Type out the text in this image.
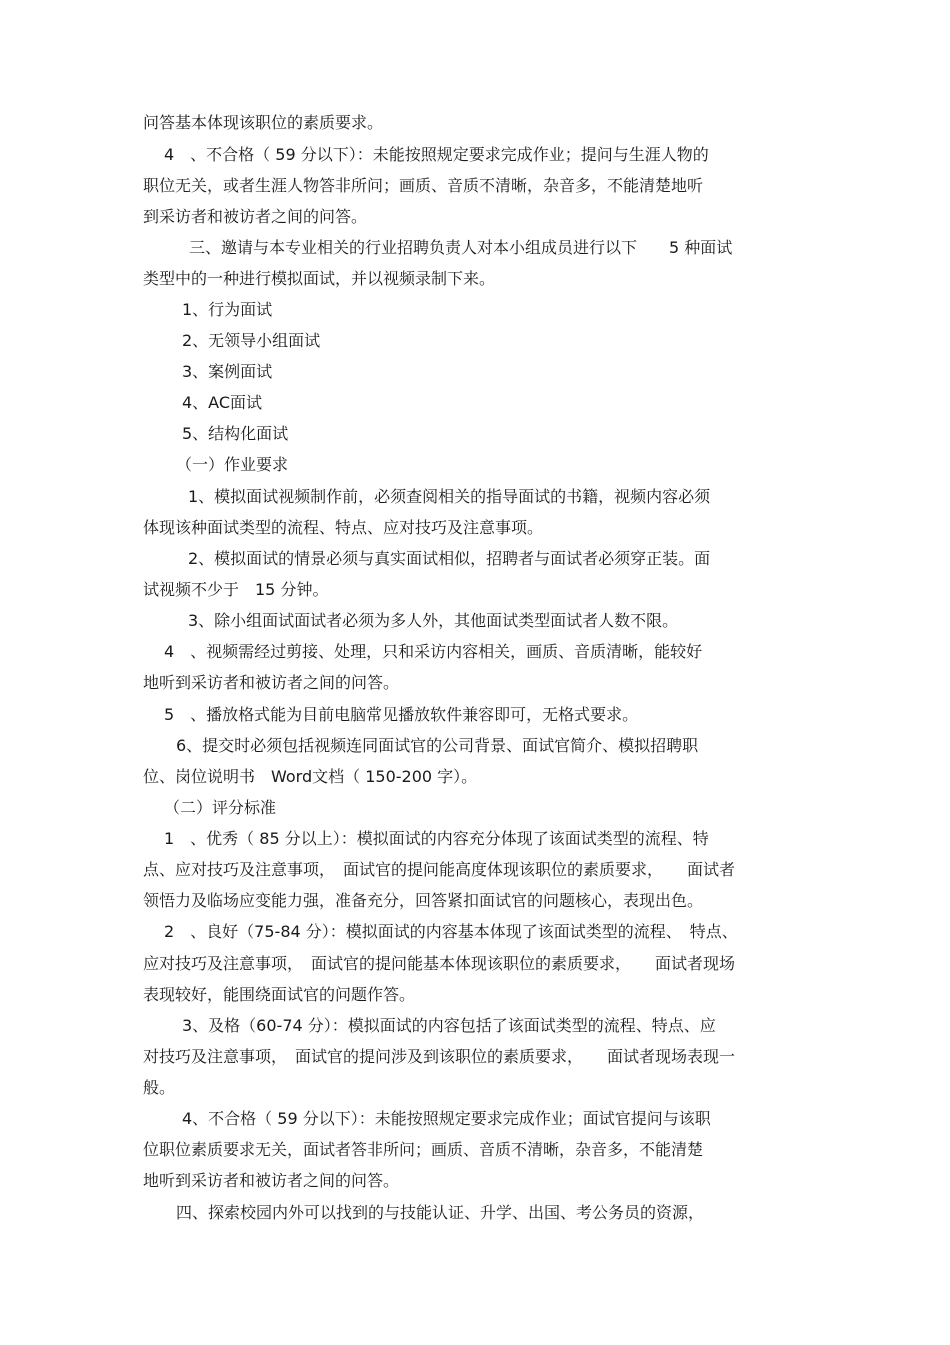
问答基本体现该职位的素质要求。
4　、不合格（ 59 分以下）：未能按照规定要求完成作业；提问与生涯人物的
职位无关，或者生涯人物答非所问；画质、音质不清晰，杂音多，不能清楚地听
到采访者和被访者之间的问答。
三、邀请与本专业相关的行业招聘负责人对本小组成员进行以下　　5 种面试
类型中的一种进行模拟面试，并以视频录制下来。
1、行为面试
2、无领导小组面试
3、案例面试
4、AC面试
5、结构化面试
（一）作业要求
1、模拟面试视频制作前，必须查阅相关的指导面试的书籍，视频内容必须
体现该种面试类型的流程、特点、应对技巧及注意事项。
2、模拟面试的情景必须与真实面试相似，招聘者与面试者必须穿正装。面
试视频不少于　15 分钟。
3、除小组面试面试者必须为多人外，其他面试类型面试者人数不限。
4　、视频需经过剪接、处理，只和采访内容相关，画质、音质清晰，能较好
地听到采访者和被访者之间的问答。
5　、播放格式能为目前电脑常见播放软件兼容即可，无格式要求。
6、提交时必须包括视频连同面试官的公司背景、面试官简介、模拟招聘职
位、岗位说明书　Word文档（ 150-200 字）。
（二）评分标准
1　、优秀（ 85 分以上）：模拟面试的内容充分体现了该面试类型的流程、特
点、应对技巧及注意事项，　面试官的提问能高度体现该职位的素质要求，　　面试者
领悟力及临场应变能力强，准备充分，回答紧扣面试官的问题核心，表现出色。
2　、良好（75-84 分）：模拟面试的内容基本体现了该面试类型的流程、　特点、
应对技巧及注意事项，　面试官的提问能基本体现该职位的素质要求，　　面试者现场
表现较好，能围绕面试官的问题作答。
3、及格（60-74 分）：模拟面试的内容包括了该面试类型的流程、特点、应
对技巧及注意事项，　面试官的提问涉及到该职位的素质要求，　　面试者现场表现一
般。
4、不合格（ 59 分以下）：未能按照规定要求完成作业；面试官提问与该职
位职位素质要求无关，面试者答非所问；画质、音质不清晰，杂音多，不能清楚
地听到采访者和被访者之间的问答。
四、探索校园内外可以找到的与技能认证、升学、出国、考公务员的资源，
